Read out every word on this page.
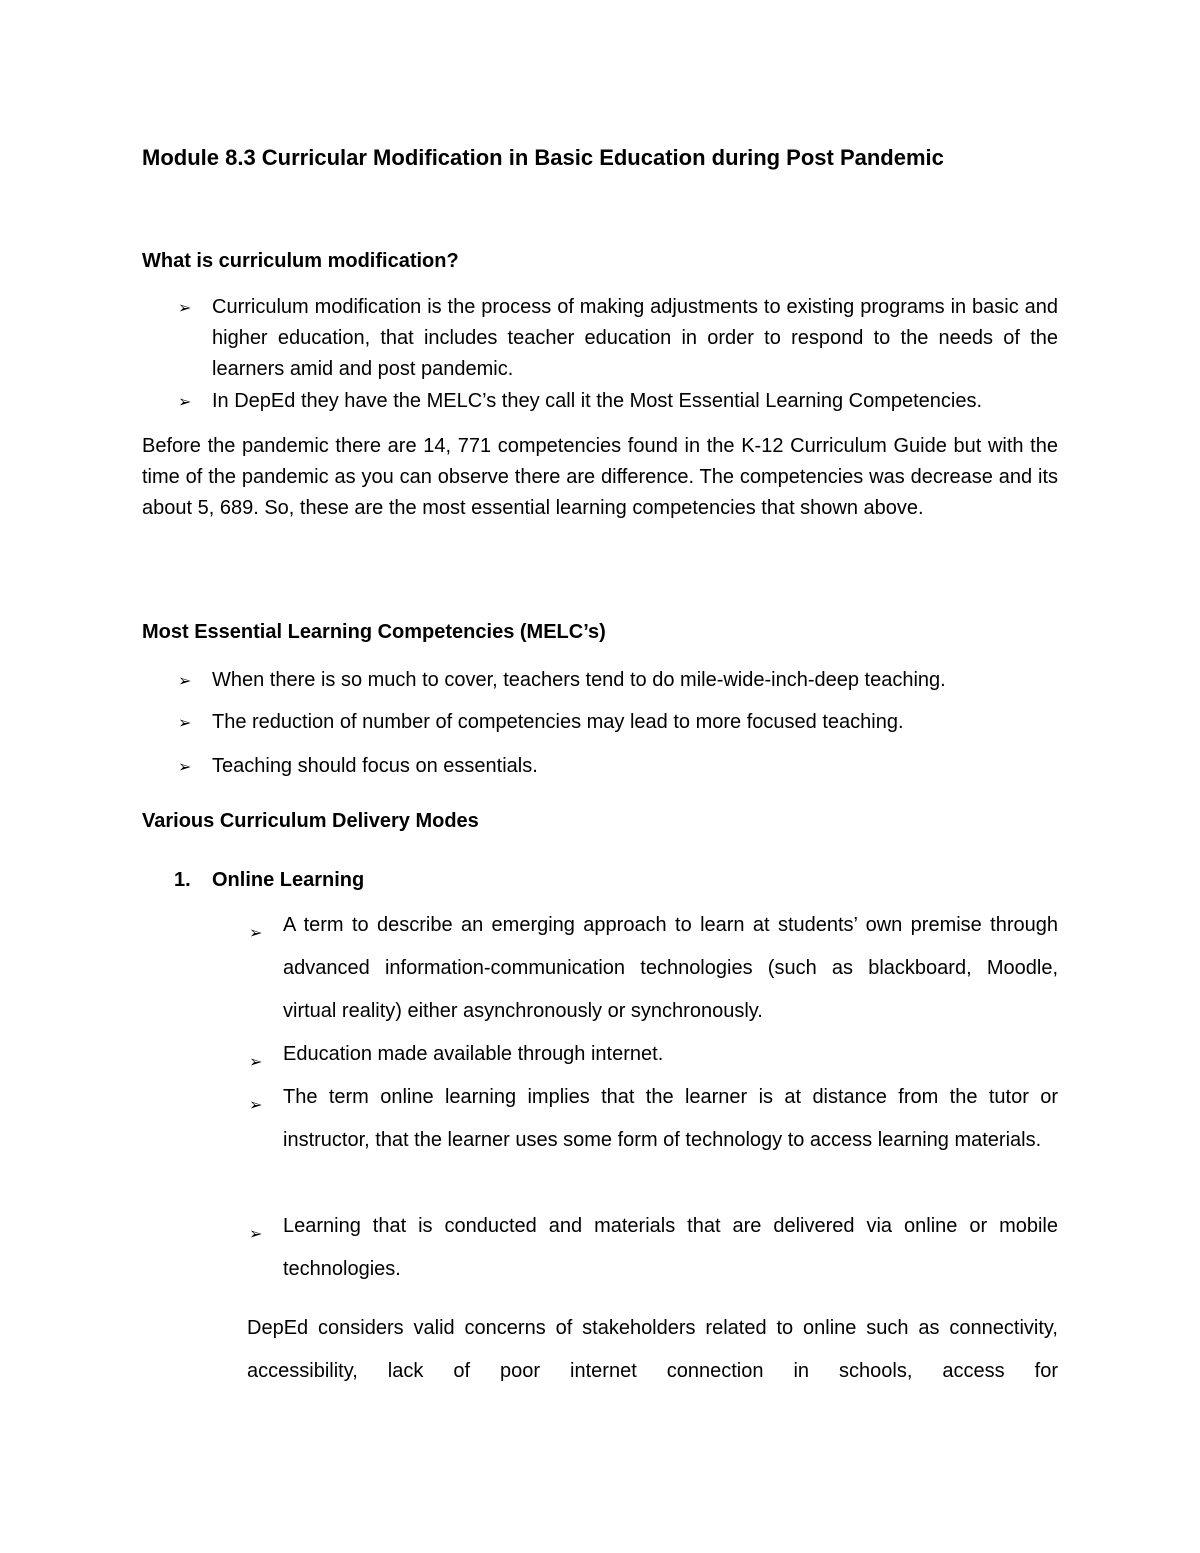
Module 8.3 Curricular Modification in Basic Education during Post Pandemic
What is curriculum modification?
➢ Curriculum modification is the process of making adjustments to existing programs in basic and higher education, that includes teacher education in order to respond to the needs of the learners amid and post pandemic.
➢ In DepEd they have the MELC’s they call it the Most Essential Learning Competencies.

Before the pandemic there are 14, 771 competencies found in the K-12 Curriculum Guide but with the time of the pandemic as you can observe there are difference. The competencies was decrease and its about 5, 689. So, these are the most essential learning competencies that shown above.

Most Essential Learning Competencies (MELC’s)
➢ When there is so much to cover, teachers tend to do mile-wide-inch-deep teaching.
➢ The reduction of number of competencies may lead to more focused teaching.
➢ Teaching should focus on essentials.
Various Curriculum Delivery Modes
1. Online Learning
➢ A term to describe an emerging approach to learn at students’ own premise through advanced information-communication technologies (such as blackboard, Moodle, virtual reality) either asynchronously or synchronously.
➢ Education made available through internet.
➢ The term online learning implies that the learner is at distance from the tutor or instructor, that the learner uses some form of technology to access learning materials.
➢ Learning that is conducted and materials that are delivered via online or mobile technologies.

DepEd considers valid concerns of stakeholders related to online such as connectivity, accessibility, lack of poor internet connection in schools, access for
